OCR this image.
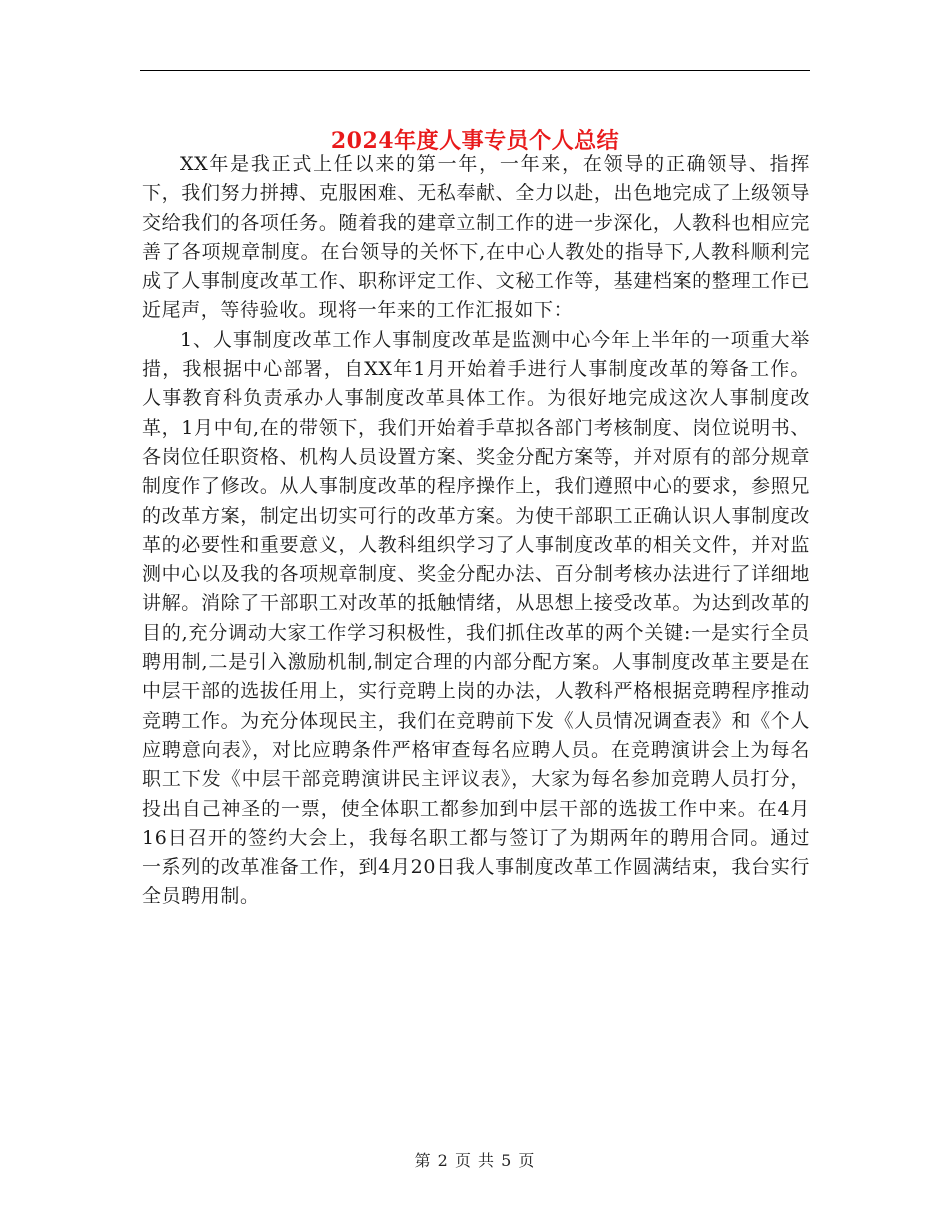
2024年度人事专员个人总结

XX年是我正式上任以来的第一年，一年来，在领导的正确领导、指挥下，我们努力拼搏、克服困难、无私奉献、全力以赴，出色地完成了上级领导交给我们的各项任务。随着我的建章立制工作的进一步深化，人教科也相应完善了各项规章制度。在台领导的关怀下,在中心人教处的指导下,人教科顺利完成了人事制度改革工作、职称评定工作、文秘工作等，基建档案的整理工作已近尾声，等待验收。现将一年来的工作汇报如下：

1、人事制度改革工作人事制度改革是监测中心今年上半年的一项重大举措，我根据中心部署，自XX年1月开始着手进行人事制度改革的筹备工作。人事教育科负责承办人事制度改革具体工作。为很好地完成这次人事制度改革，1月中旬,在的带领下，我们开始着手草拟各部门考核制度、岗位说明书、各岗位任职资格、机构人员设置方案、奖金分配方案等，并对原有的部分规章制度作了修改。从人事制度改革的程序操作上，我们遵照中心的要求，参照兄的改革方案，制定出切实可行的改革方案。为使干部职工正确认识人事制度改革的必要性和重要意义，人教科组织学习了人事制度改革的相关文件，并对监测中心以及我的各项规章制度、奖金分配办法、百分制考核办法进行了详细地讲解。消除了干部职工对改革的抵触情绪，从思想上接受改革。为达到改革的目的,充分调动大家工作学习积极性，我们抓住改革的两个关键:一是实行全员聘用制,二是引入激励机制,制定合理的内部分配方案。人事制度改革主要是在中层干部的选拔任用上，实行竞聘上岗的办法，人教科严格根据竞聘程序推动竞聘工作。为充分体现民主，我们在竞聘前下发《人员情况调查表》和《个人应聘意向表》，对比应聘条件严格审查每名应聘人员。在竞聘演讲会上为每名职工下发《中层干部竞聘演讲民主评议表》，大家为每名参加竞聘人员打分，投出自己神圣的一票，使全体职工都参加到中层干部的选拔工作中来。在4月16日召开的签约大会上，我每名职工都与签订了为期两年的聘用合同。通过一系列的改革准备工作，到4月20日我人事制度改革工作圆满结束，我台实行全员聘用制。

第 2 页 共 5 页
